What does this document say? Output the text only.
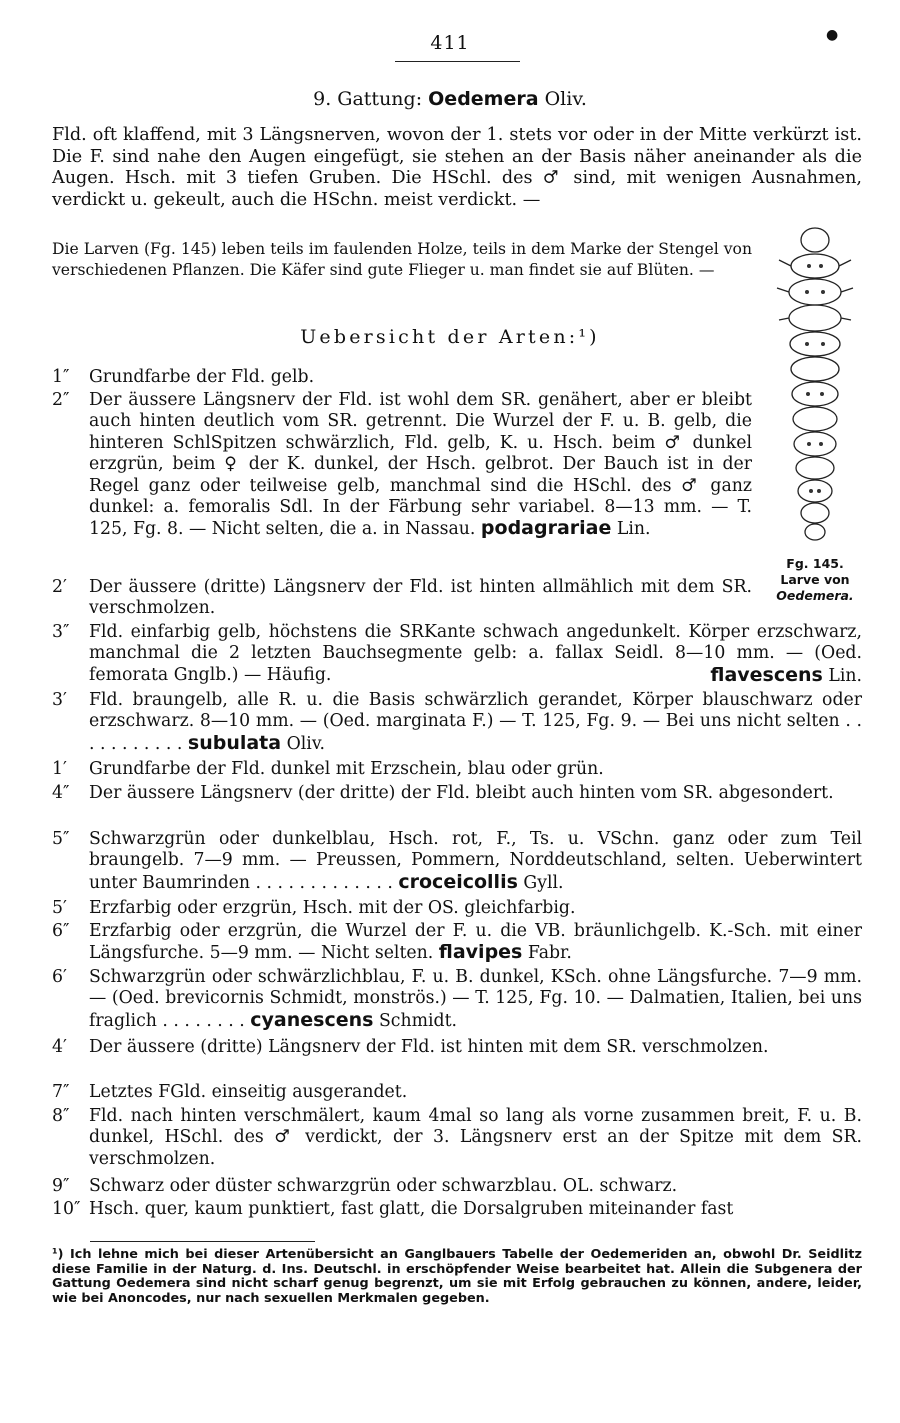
411	●
9. Gattung: Oedemera Oliv.
Fld. oft klaffend, mit 3 Längsnerven, wovon der 1. stets vor oder in der Mitte verkürzt ist. Die F. sind nahe den Augen eingefügt, sie stehen an der Basis näher aneinander als die Augen. Hsch. mit 3 tiefen Gruben. Die HSchl. des ♂ sind, mit wenigen Ausnahmen, verdickt u. gekeult, auch die HSchn. meist verdickt. —
Die Larven (Fg. 145) leben teils im faulenden Holze, teils in dem Marke der Stengel von verschiedenen Pflanzen. Die Käfer sind gute Flieger u. man findet sie auf Blüten. —
Uebersicht der Arten:¹)
Fg. 145.
Larve von
Oedemera.
1″	Grundfarbe der Fld. gelb.
2″	Der äussere Längsnerv der Fld. ist wohl dem SR. genähert, aber er bleibt auch hinten deutlich vom SR. getrennt. Die Wurzel der F. u. B. gelb, die hinteren SchlSpitzen schwärzlich, Fld. gelb, K. u. Hsch. beim ♂ dunkel erzgrün, beim ♀ der K. dunkel, der Hsch. gelbrot. Der Bauch ist in der Regel ganz oder teilweise gelb, manchmal sind die HSchl. des ♂ ganz dunkel: a. femoralis Sdl. In der Färbung sehr variabel. 8—13 mm. — T. 125, Fg. 8. — Nicht selten, die a. in Nassau. podagrariae Lin.
2′	Der äussere (dritte) Längsnerv der Fld. ist hinten allmählich mit dem SR. verschmolzen.
3″	Fld. einfarbig gelb, höchstens die SRKante schwach angedunkelt. Körper erzschwarz, manchmal die 2 letzten Bauchsegmente gelb: a. fallax Seidl. 8—10 mm. — (Oed. femorata Gnglb.) — Häufig.	flavescens Lin.
3′	Fld. braungelb, alle R. u. die Basis schwärzlich gerandet, Körper blauschwarz oder erzschwarz. 8—10 mm. — (Oed. marginata F.) — T. 125, Fg. 9. — Bei uns nicht selten . . . . . . . . . . . subulata Oliv.
1′	Grundfarbe der Fld. dunkel mit Erzschein, blau oder grün.
4″	Der äussere Längsnerv (der dritte) der Fld. bleibt auch hinten vom SR. abgesondert.
5″	Schwarzgrün oder dunkelblau, Hsch. rot, F., Ts. u. VSchn. ganz oder zum Teil braungelb. 7—9 mm. — Preussen, Pommern, Norddeutschland, selten. Ueberwintert unter Baumrinden . . . . . . . . . . . . . croceicollis Gyll.
5′	Erzfarbig oder erzgrün, Hsch. mit der OS. gleichfarbig.
6″	Erzfarbig oder erzgrün, die Wurzel der F. u. die VB. bräunlichgelb. K.-Sch. mit einer Längsfurche. 5—9 mm. — Nicht selten. flavipes Fabr.
6′	Schwarzgrün oder schwärzlichblau, F. u. B. dunkel, KSch. ohne Längsfurche. 7—9 mm. — (Oed. brevicornis Schmidt, monströs.) — T. 125, Fg. 10. — Dalmatien, Italien, bei uns fraglich . . . . . . . . cyanescens Schmidt.
4′	Der äussere (dritte) Längsnerv der Fld. ist hinten mit dem SR. verschmolzen.
7″	Letztes FGld. einseitig ausgerandet.
8″	Fld. nach hinten verschmälert, kaum 4mal so lang als vorne zusammen breit, F. u. B. dunkel, HSchl. des ♂ verdickt, der 3. Längsnerv erst an der Spitze mit dem SR. verschmolzen.
9″	Schwarz oder düster schwarzgrün oder schwarzblau. OL. schwarz.
10″ Hsch. quer, kaum punktiert, fast glatt, die Dorsalgruben miteinander fast
¹) Ich lehne mich bei dieser Artenübersicht an Ganglbauers Tabelle der Oedemeriden an, obwohl Dr. Seidlitz diese Familie in der Naturg. d. Ins. Deutschl. in erschöpfender Weise bearbeitet hat. Allein die Subgenera der Gattung Oedemera sind nicht scharf genug begrenzt, um sie mit Erfolg gebrauchen zu können, andere, leider, wie bei Anoncodes, nur nach sexuellen Merkmalen gegeben.
